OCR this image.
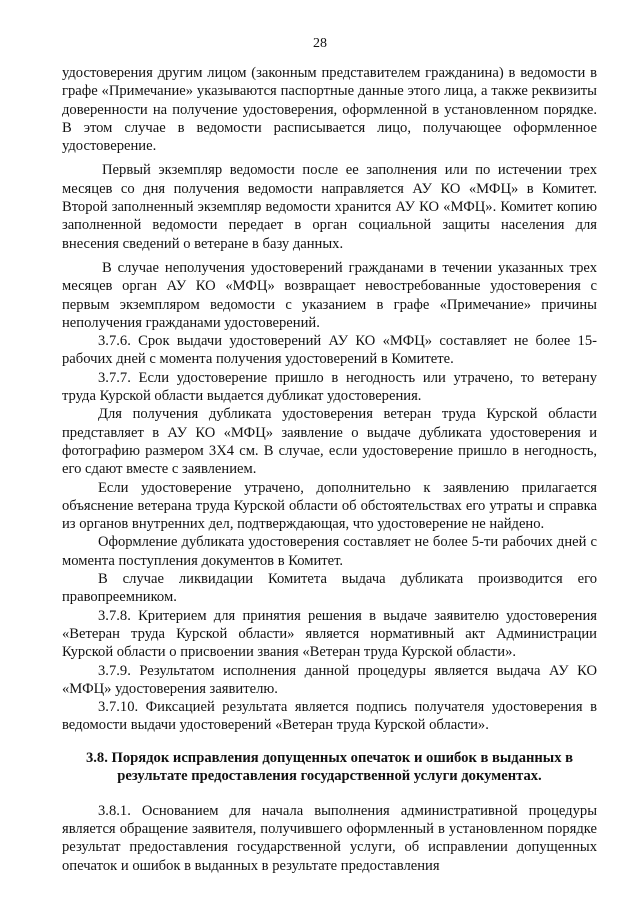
28

удостоверения другим лицом (законным представителем гражданина) в ведомости в графе «Примечание» указываются паспортные данные этого лица, а также реквизиты доверенности на получение удостоверения, оформленной в установленном порядке. В этом случае в ведомости расписывается лицо, получающее оформленное удостоверение.

Первый экземпляр ведомости после ее заполнения или по истечении трех месяцев со дня получения ведомости направляется АУ КО «МФЦ» в Комитет. Второй заполненный экземпляр ведомости хранится АУ КО «МФЦ». Комитет копию заполненной ведомости передает в орган социальной защиты населения для внесения сведений о ветеране в базу данных.

В случае неполучения удостоверений гражданами в течении указанных трех месяцев орган АУ КО «МФЦ» возвращает невостребованные удостоверения с первым экземпляром ведомости с указанием в графе «Примечание» причины неполучения гражданами удостоверений.

3.7.6. Срок выдачи удостоверений АУ КО «МФЦ» составляет не более 15-рабочих дней с момента получения удостоверений в Комитете.

3.7.7. Если удостоверение пришло в негодность или утрачено, то ветерану труда Курской области выдается дубликат удостоверения.

Для получения дубликата удостоверения ветеран труда Курской области представляет в АУ КО «МФЦ» заявление о выдаче дубликата удостоверения и фотографию размером 3Х4 см. В случае, если удостоверение пришло в негодность, его сдают вместе с заявлением.

Если удостоверение утрачено, дополнительно к заявлению прилагается объяснение ветерана труда Курской области об обстоятельствах его утраты и справка из органов внутренних дел, подтверждающая, что удостоверение не найдено.

Оформление дубликата удостоверения составляет не более 5-ти рабочих дней с момента поступления документов в Комитет.

В случае ликвидации Комитета выдача дубликата производится его правопреемником.

3.7.8. Критерием для принятия решения в выдаче заявителю удостоверения «Ветеран труда Курской области» является нормативный акт Администрации Курской области о присвоении звания «Ветеран труда Курской области».

3.7.9. Результатом исполнения данной процедуры является выдача АУ КО «МФЦ» удостоверения заявителю.

3.7.10. Фиксацией результата является подпись получателя удостоверения в ведомости выдачи удостоверений «Ветеран труда Курской области».

3.8. Порядок исправления допущенных опечаток и ошибок в выданных в результате предоставления государственной услуги документах.

3.8.1. Основанием для начала выполнения административной процедуры является обращение заявителя, получившего оформленный в установленном порядке результат предоставления государственной услуги, об исправлении допущенных опечаток и ошибок в выданных в результате предоставления
